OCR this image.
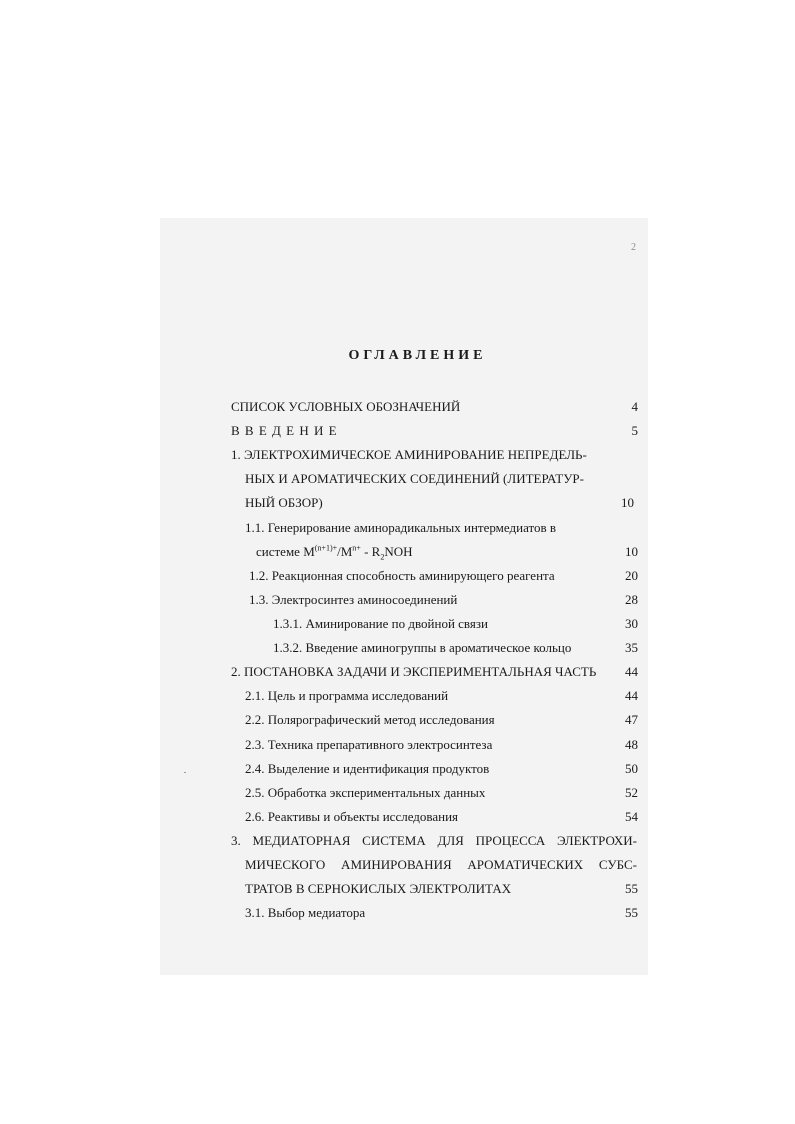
2
ОГЛАВЛЕНИЕ
СПИСОК УСЛОВНЫХ ОБОЗНАЧЕНИЙ	4
В В Е Д Е Н И Е	5
1. ЭЛЕКТРОХИМИЧЕСКОЕ АМИНИРОВАНИЕ НЕПРЕДЕЛЬ-
НЫХ И АРОМАТИЧЕСКИХ СОЕДИНЕНИЙ (ЛИТЕРАТУР-
НЫЙ ОБЗОР)	10
1.1. Генерирование аминорадикальных интермедиатов в
системе $М^{(n+1)+}/M^{n+} - R_2NOH$	10
1.2. Реакционная способность аминирующего реагента	20
1.3. Электросинтез аминосоединений	28
1.3.1. Аминирование по двойной связи	30
1.3.2. Введение аминогруппы в ароматическое кольцо	35
2. ПОСТАНОВКА ЗАДАЧИ И ЭКСПЕРИМЕНТАЛЬНАЯ ЧАСТЬ	44
2.1. Цель и программа исследований	44
2.2. Полярографический метод исследования	47
2.3. Техника препаративного электросинтеза	48
2.4. Выделение и идентификация продуктов	50
2.5. Обработка экспериментальных данных	52
2.6. Реактивы и объекты исследования	54
3. МЕДИАТОРНАЯ СИСТЕМА ДЛЯ ПРОЦЕССА ЭЛЕКТРОХИ-
МИЧЕСКОГО АМИНИРОВАНИЯ АРОМАТИЧЕСКИХ СУБС-
ТРАТОВ В СЕРНОКИСЛЫХ ЭЛЕКТРОЛИТАХ	55
3.1. Выбор медиатора	55
